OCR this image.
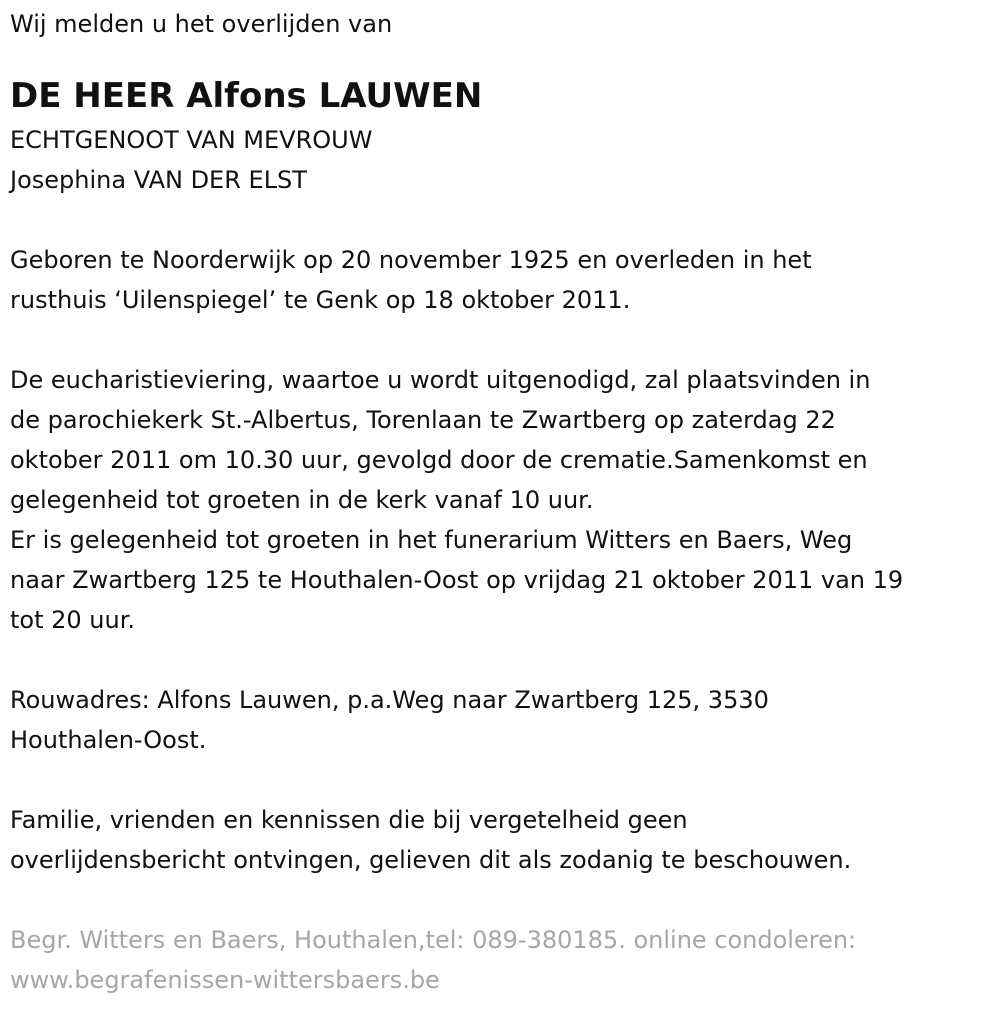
Wij melden u het overlijden van

DE HEER Alfons LAUWEN

ECHTGENOOT VAN MEVROUW

Josephina VAN DER ELST

Geboren te Noorderwijk op 20 november 1925 en overleden in het

rusthuis ‘Uilenspiegel’ te Genk op 18 oktober 2011.

De eucharistieviering, waartoe u wordt uitgenodigd, zal plaatsvinden in

de parochiekerk St.-Albertus, Torenlaan te Zwartberg op zaterdag 22

oktober 2011 om 10.30 uur, gevolgd door de crematie.Samenkomst en

gelegenheid tot groeten in de kerk vanaf 10 uur.

Er is gelegenheid tot groeten in het funerarium Witters en Baers, Weg

naar Zwartberg 125 te Houthalen-Oost op vrijdag 21 oktober 2011 van 19

tot 20 uur.

Rouwadres: Alfons Lauwen, p.a.Weg naar Zwartberg 125, 3530

Houthalen-Oost.

Familie, vrienden en kennissen die bij vergetelheid geen

overlijdensbericht ontvingen, gelieven dit als zodanig te beschouwen.

Begr. Witters en Baers, Houthalen,tel: 089-380185. online condoleren:

www.begrafenissen-wittersbaers.be
